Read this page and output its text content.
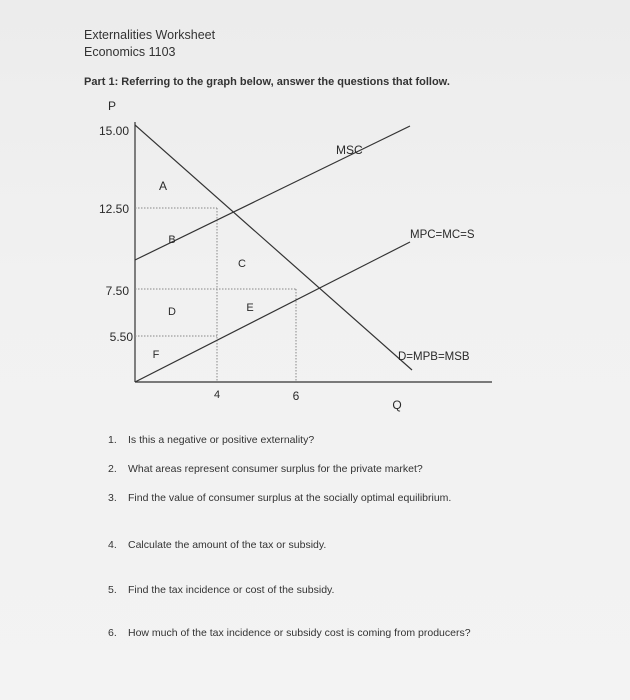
Externalities Worksheet
Economics 1103
Part 1: Referring to the graph below, answer the questions that follow.
P
15.00
12.50
7.50
5.50
4	6
Q
MSC
MPC=MC=S
D=MPB=MSB
A
B
C
D	E
F
1. Is this a negative or positive externality?
2. What areas represent consumer surplus for the private market?
3. Find the value of consumer surplus at the socially optimal equilibrium.
4. Calculate the amount of the tax or subsidy.
5. Find the tax incidence or cost of the subsidy.
6. How much of the tax incidence or subsidy cost is coming from producers?
